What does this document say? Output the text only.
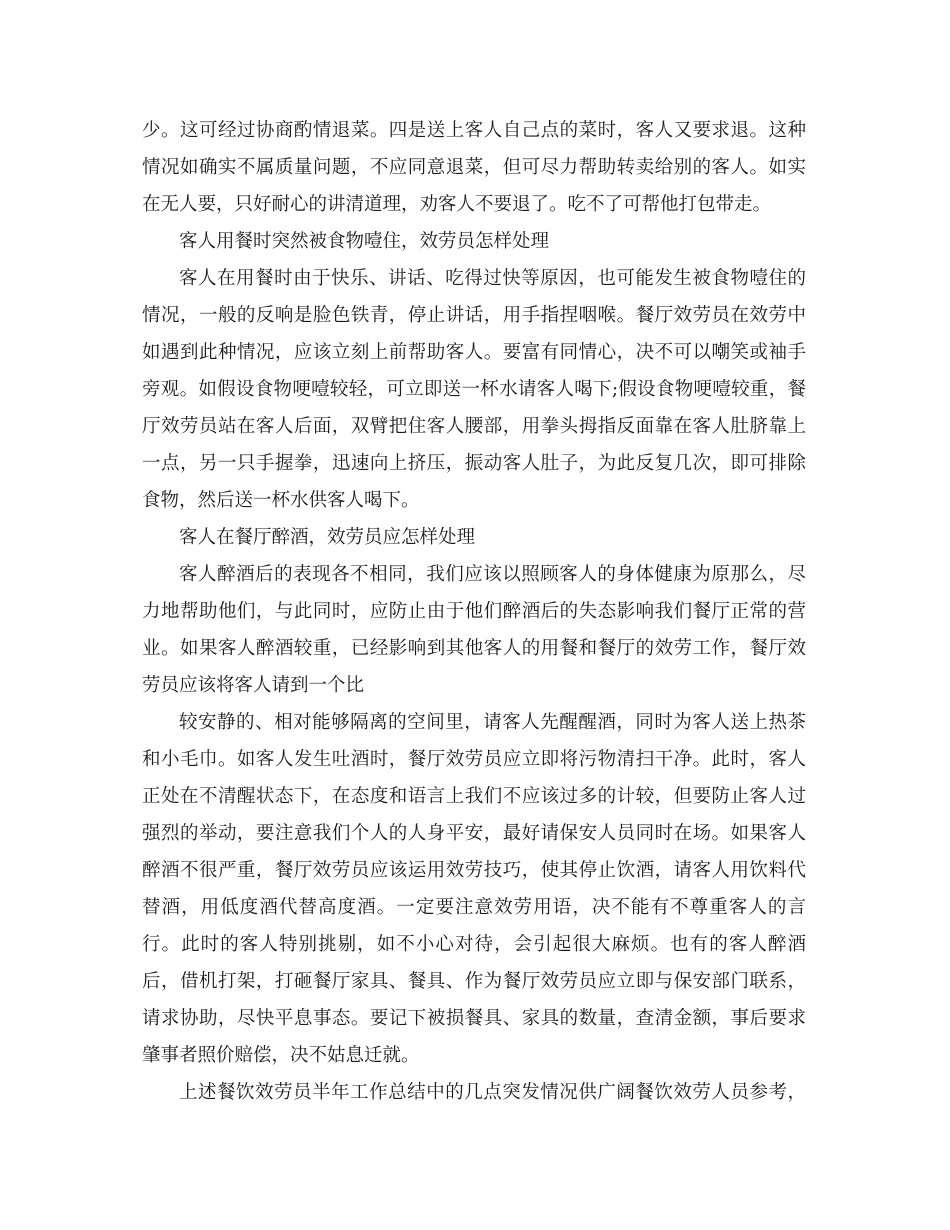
少。这可经过协商酌情退菜。四是送上客人自己点的菜时，客人又要求退。这种
情况如确实不属质量问题，不应同意退菜，但可尽力帮助转卖给别的客人。如实
在无人要，只好耐心的讲清道理，劝客人不要退了。吃不了可帮他打包带走。
客人用餐时突然被食物噎住，效劳员怎样处理
客人在用餐时由于快乐、讲话、吃得过快等原因，也可能发生被食物噎住的
情况，一般的反响是脸色铁青，停止讲话，用手指捏咽喉。餐厅效劳员在效劳中
如遇到此种情况，应该立刻上前帮助客人。要富有同情心，决不可以嘲笑或袖手
旁观。如假设食物哽噎较轻，可立即送一杯水请客人喝下;假设食物哽噎较重，餐
厅效劳员站在客人后面，双臂把住客人腰部，用拳头拇指反面靠在客人肚脐靠上
一点，另一只手握拳，迅速向上挤压，振动客人肚子，为此反复几次，即可排除
食物，然后送一杯水供客人喝下。
客人在餐厅醉酒，效劳员应怎样处理
客人醉酒后的表现各不相同，我们应该以照顾客人的身体健康为原那么，尽
力地帮助他们，与此同时，应防止由于他们醉酒后的失态影响我们餐厅正常的营
业。如果客人醉酒较重，已经影响到其他客人的用餐和餐厅的效劳工作，餐厅效
劳员应该将客人请到一个比
较安静的、相对能够隔离的空间里，请客人先醒醒酒，同时为客人送上热茶
和小毛巾。如客人发生吐酒时，餐厅效劳员应立即将污物清扫干净。此时，客人
正处在不清醒状态下，在态度和语言上我们不应该过多的计较，但要防止客人过
强烈的举动，要注意我们个人的人身平安，最好请保安人员同时在场。如果客人
醉酒不很严重，餐厅效劳员应该运用效劳技巧，使其停止饮酒，请客人用饮料代
替酒，用低度酒代替高度酒。一定要注意效劳用语，决不能有不尊重客人的言
行。此时的客人特别挑剔，如不小心对待，会引起很大麻烦。也有的客人醉酒
后，借机打架，打砸餐厅家具、餐具、作为餐厅效劳员应立即与保安部门联系，
请求协助，尽快平息事态。要记下被损餐具、家具的数量，查清金额，事后要求
肇事者照价赔偿，决不姑息迁就。
上述餐饮效劳员半年工作总结中的几点突发情况供广阔餐饮效劳人员参考，
